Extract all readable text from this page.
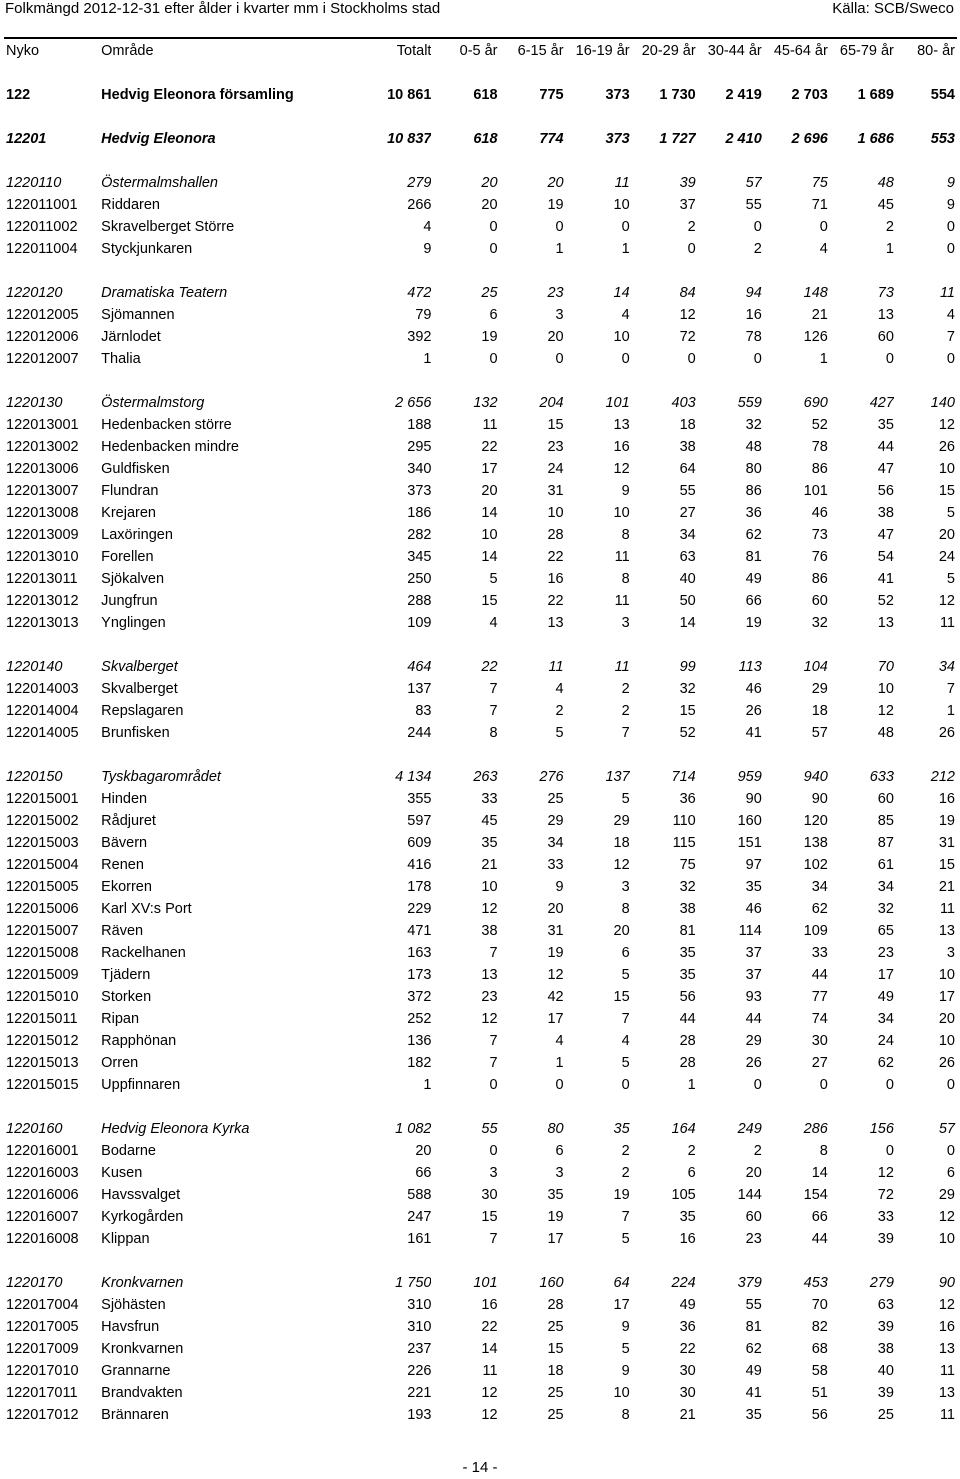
Folkmängd 2012-12-31 efter ålder i kvarter mm i Stockholms stad	Källa: SCB/Sweco
Nyko	Område	Totalt	0-5 år	6-15 år	16-19 år	20-29 år	30-44 år	45-64 år	65-79 år	80- år

122	Hedvig Eleonora församling	10 861	618	775	373	1 730	2 419	2 703	1 689	554

12201	Hedvig Eleonora	10 837	618	774	373	1 727	2 410	2 696	1 686	553

1220110	Östermalmshallen	279	20	20	11	39	57	75	48	9
122011001	Riddaren	266	20	19	10	37	55	71	45	9
122011002	Skravelberget Större	4	0	0	0	2	0	0	2	0
122011004	Styckjunkaren	9	0	1	1	0	2	4	1	0

1220120	Dramatiska Teatern	472	25	23	14	84	94	148	73	11
122012005	Sjömannen	79	6	3	4	12	16	21	13	4
122012006	Järnlodet	392	19	20	10	72	78	126	60	7
122012007	Thalia	1	0	0	0	0	0	1	0	0

1220130	Östermalmstorg	2 656	132	204	101	403	559	690	427	140
122013001	Hedenbacken större	188	11	15	13	18	32	52	35	12
122013002	Hedenbacken mindre	295	22	23	16	38	48	78	44	26
122013006	Guldfisken	340	17	24	12	64	80	86	47	10
122013007	Flundran	373	20	31	9	55	86	101	56	15
122013008	Krejaren	186	14	10	10	27	36	46	38	5
122013009	Laxöringen	282	10	28	8	34	62	73	47	20
122013010	Forellen	345	14	22	11	63	81	76	54	24
122013011	Sjökalven	250	5	16	8	40	49	86	41	5
122013012	Jungfrun	288	15	22	11	50	66	60	52	12
122013013	Ynglingen	109	4	13	3	14	19	32	13	11

1220140	Skvalberget	464	22	11	11	99	113	104	70	34
122014003	Skvalberget	137	7	4	2	32	46	29	10	7
122014004	Repslagaren	83	7	2	2	15	26	18	12	1
122014005	Brunfisken	244	8	5	7	52	41	57	48	26

1220150	Tyskbagarområdet	4 134	263	276	137	714	959	940	633	212
122015001	Hinden	355	33	25	5	36	90	90	60	16
122015002	Rådjuret	597	45	29	29	110	160	120	85	19
122015003	Bävern	609	35	34	18	115	151	138	87	31
122015004	Renen	416	21	33	12	75	97	102	61	15
122015005	Ekorren	178	10	9	3	32	35	34	34	21
122015006	Karl XV:s Port	229	12	20	8	38	46	62	32	11
122015007	Räven	471	38	31	20	81	114	109	65	13
122015008	Rackelhanen	163	7	19	6	35	37	33	23	3
122015009	Tjädern	173	13	12	5	35	37	44	17	10
122015010	Storken	372	23	42	15	56	93	77	49	17
122015011	Ripan	252	12	17	7	44	44	74	34	20
122015012	Rapphönan	136	7	4	4	28	29	30	24	10
122015013	Orren	182	7	1	5	28	26	27	62	26
122015015	Uppfinnaren	1	0	0	0	1	0	0	0	0

1220160	Hedvig Eleonora Kyrka	1 082	55	80	35	164	249	286	156	57
122016001	Bodarne	20	0	6	2	2	2	8	0	0
122016003	Kusen	66	3	3	2	6	20	14	12	6
122016006	Havssvalget	588	30	35	19	105	144	154	72	29
122016007	Kyrkogården	247	15	19	7	35	60	66	33	12
122016008	Klippan	161	7	17	5	16	23	44	39	10

1220170	Kronkvarnen	1 750	101	160	64	224	379	453	279	90
122017004	Sjöhästen	310	16	28	17	49	55	70	63	12
122017005	Havsfrun	310	22	25	9	36	81	82	39	16
122017009	Kronkvarnen	237	14	15	5	22	62	68	38	13
122017010	Grannarne	226	11	18	9	30	49	58	40	11
122017011	Brandvakten	221	12	25	10	30	41	51	39	13
122017012	Brännaren	193	12	25	8	21	35	56	25	11
- 14 -
